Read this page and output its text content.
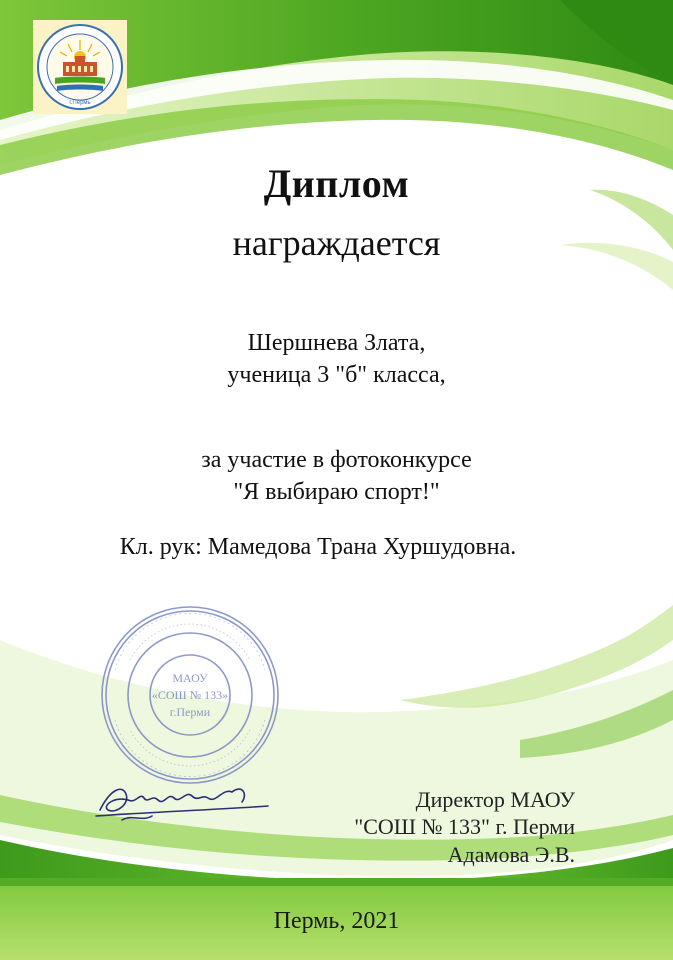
г.Пермь
Диплом
награждается
Шершнева Злата,
ученица 3 "б" класса,
за участие в фотоконкурсе
"Я выбираю спорт!"
Кл. рук: Мамедова Трана Хуршудовна.
МАОУ
«СОШ № 133»
г.Перми
Директор МАОУ
"СОШ № 133" г. Перми
Адамова Э.В.
Пермь, 2021
